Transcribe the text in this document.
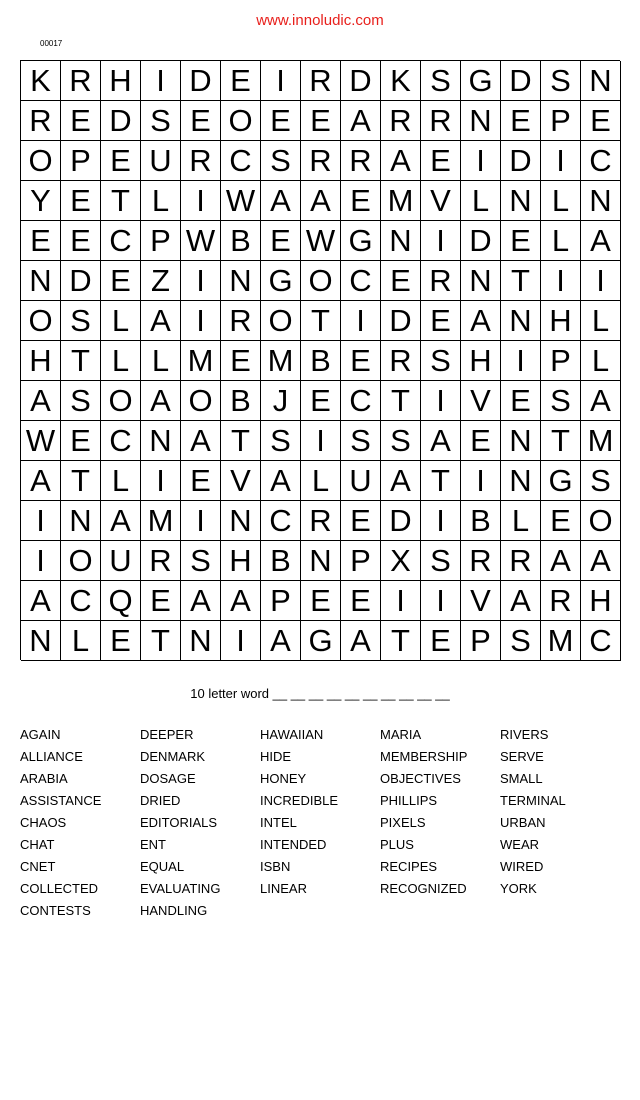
www.innoludic.com
00017
K R H I D E I R D K S G D S N
R E D S E O E E A R R N E P E
O P E U R C S R R A E I D I C
Y E T L I W A A E M V L N L N
E E C P W B E W G N I D E L A
N D E Z I N G O C E R N T I	I
O S L A I R O T I D E A N H L
H T L L M E M B E R S H I P L
A S O A O B J E C T I V E S A
W E C N A T S I S S A E N T M
A T L I E V A L U A T I N G S
I N A M I N C R E D I B L E O
I O U R S H B N P X S R R A A
A C Q E A A P E E I	I V A R H
N L E T N I A G A T E P S M C
10 letter word __ __ __ __ __ __ __ __ __ __
AGAIN
ALLIANCE
ARABIA
ASSISTANCE
CHAOS
CHAT
CNET
COLLECTED
CONTESTS
DEEPER
DENMARK
DOSAGE
DRIED
EDITORIALS
ENT
EQUAL
EVALUATING
HANDLING
HAWAIIAN
HIDE
HONEY
INCREDIBLE
INTEL
INTENDED
ISBN
LINEAR
MARIA
MEMBERSHIP
OBJECTIVES
PHILLIPS
PIXELS
PLUS
RECIPES
RECOGNIZED
RIVERS
SERVE
SMALL
TERMINAL
URBAN
WEAR
WIRED
YORK
